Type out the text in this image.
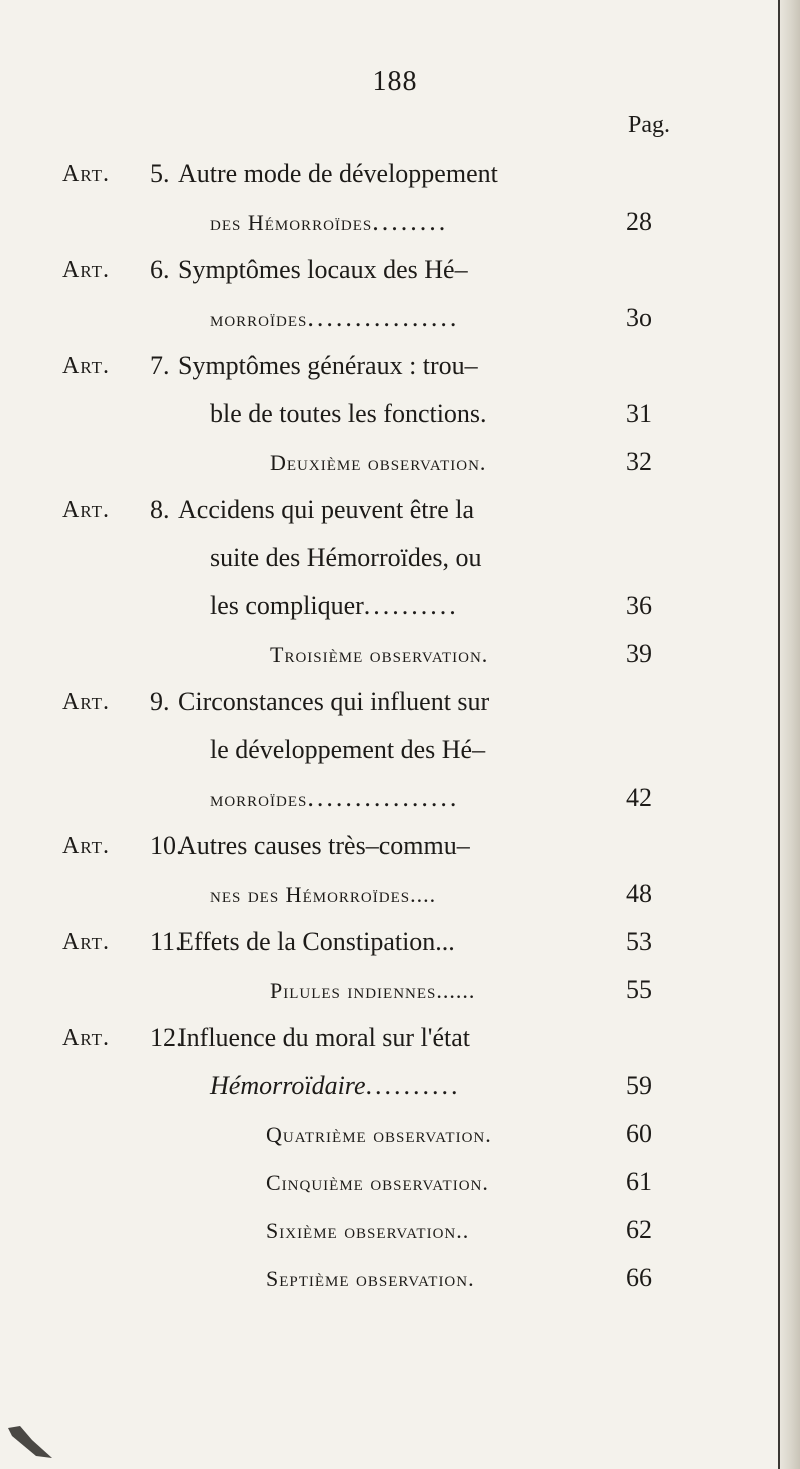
188
Pag.
Art. 5. Autre mode de développement
des Hémorroïdes........	28
Art. 6. Symptômes locaux des Hé–
morroïdes................	3o
Art. 7. Symptômes généraux : trou–
ble de toutes les fonctions.	31
Deuxième observation.	32
Art. 8. Accidens qui peuvent être la
suite des Hémorroïdes, ou
les compliquer..........	36
Troisième observation.	39
Art. 9. Circonstances qui influent sur
le développement des Hé–
morroïdes................	42
Art. 10.
Autres causes très–commu–
nes des Hémorroïdes....	48
Art. 11.
Effets de la Constipation...	53
Pilules indiennes......	55
Art. 12.
Influence du moral sur l'état
Hémorroïdaire..........	59
Quatrième observation.	60
Cinquième observation.	61
Sixième observation..	62
Septième observation.	66
